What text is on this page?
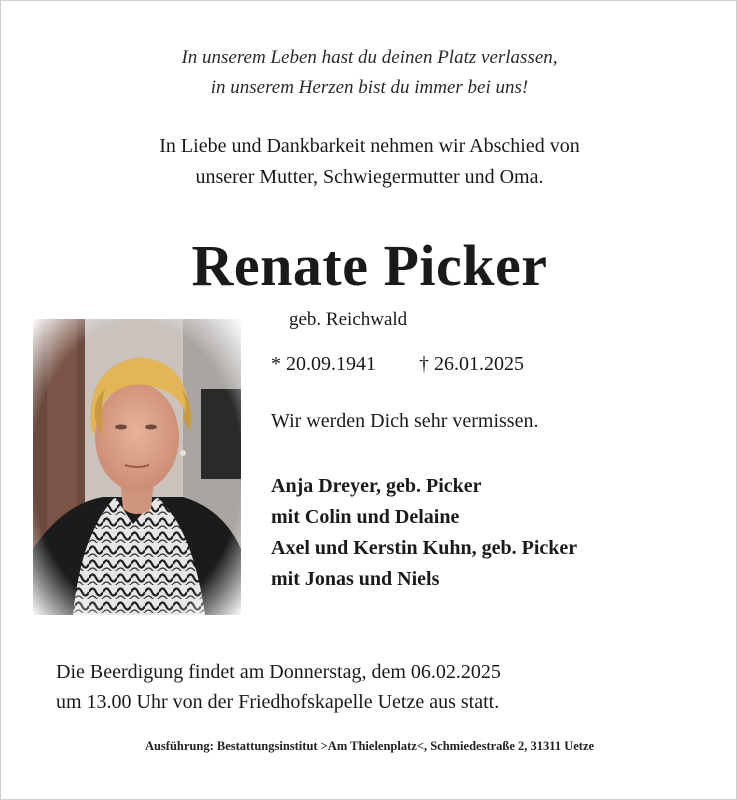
In unserem Leben hast du deinen Platz verlassen,
in unserem Herzen bist du immer bei uns!
In Liebe und Dankbarkeit nehmen wir Abschied von
unserer Mutter, Schwiegermutter und Oma.
Renate Picker
geb. Reichwald
* 20.09.1941 † 26.01.2025
Wir werden Dich sehr vermissen.
Anja Dreyer, geb. Picker
mit Colin und Delaine
Axel und Kerstin Kuhn, geb. Picker
mit Jonas und Niels
Die Beerdigung findet am Donnerstag, dem 06.02.2025
um 13.00 Uhr von der Friedhofskapelle Uetze aus statt.
Ausführung: Bestattungsinstitut >Am Thielenplatz<, Schmiedestraße 2, 31311 Uetze
